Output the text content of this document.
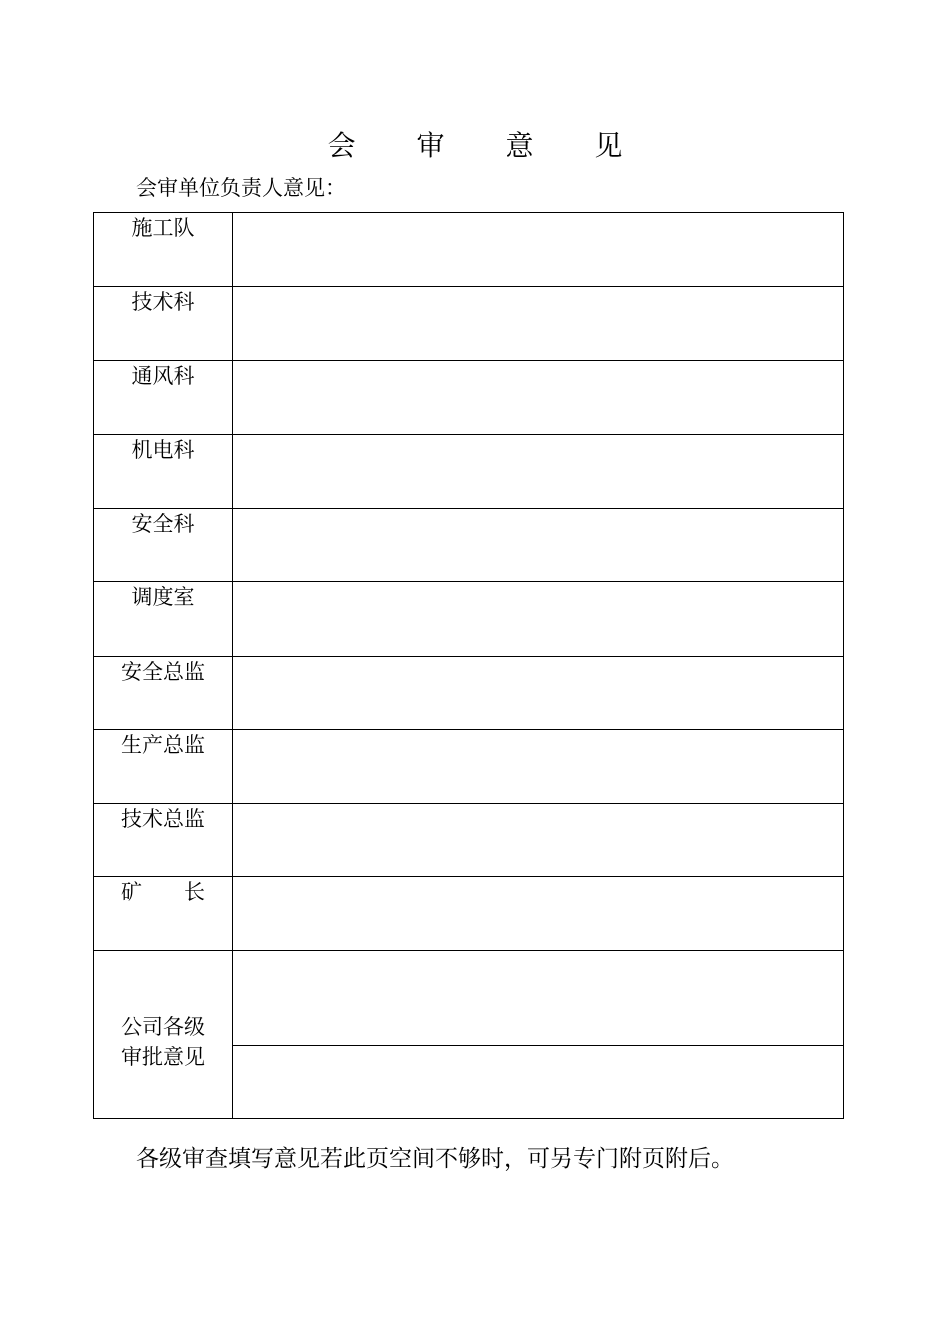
会 审 意 见
会审单位负责人意见：
施工队	
技术科	
通风科	
机电科	
安全科	
调度室	
安全总监	
生产总监	
技术总监	
矿 长	

公司各级
审批意见	

各级审查填写意见若此页空间不够时，可另专门附页附后。
